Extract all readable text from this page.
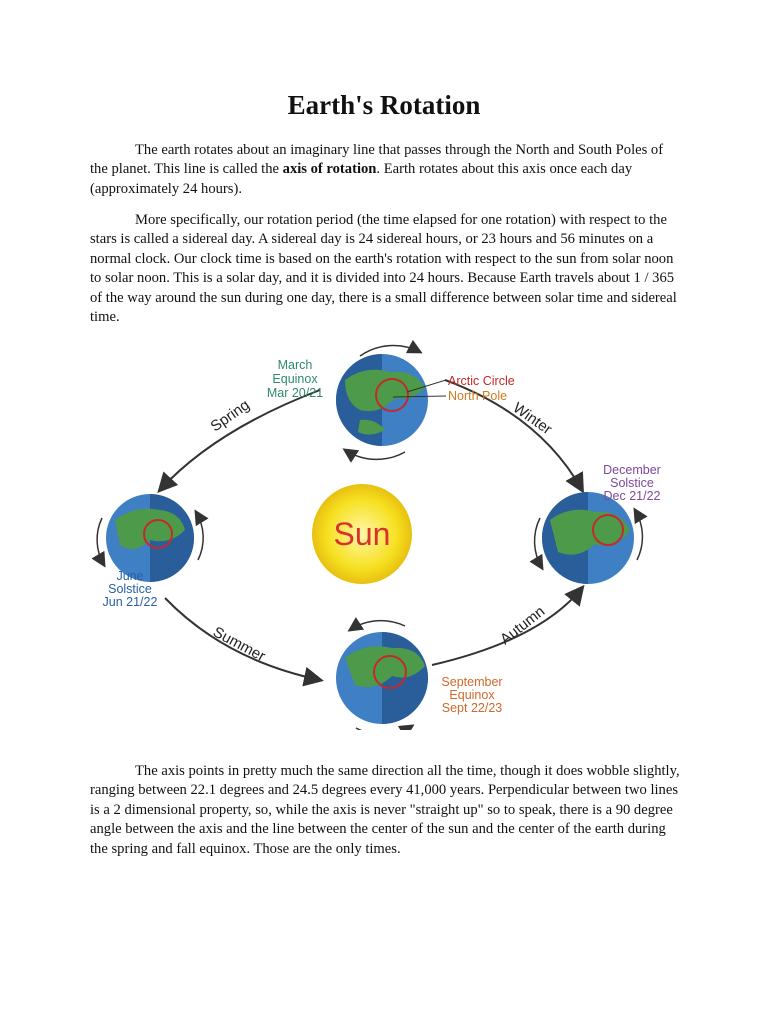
Earth's Rotation

The earth rotates about an imaginary line that passes through the North and South Poles of the planet. This line is called the axis of rotation. Earth rotates about this axis once each day (approximately 24 hours).

More specifically, our rotation period (the time elapsed for one rotation) with respect to the stars is called a sidereal day. A sidereal day is 24 sidereal hours, or 23 hours and 56 minutes on a normal clock. Our clock time is based on the earth's rotation with respect to the sun from solar noon to solar noon. This is a solar day, and it is divided into 24 hours. Because Earth travels about 1 / 365 of the way around the sun during one day, there is a small difference between solar time and sidereal time.

Spring
Summer	Autumn
Winter
Sun
March
Equinox
Mar 20/21
Arctic Circle
North Pole
June
Solstice
Jun 21/22
December
Solstice
Dec 21/22
September
Equinox
Sept 22/23

The axis points in pretty much the same direction all the time, though it does wobble slightly, ranging between 22.1 degrees and 24.5 degrees every 41,000 years. Perpendicular between two lines is a 2 dimensional property, so, while the axis is never "straight up" so to speak, there is a 90 degree angle between the axis and the line between the center of the sun and the center of the earth during the spring and fall equinox. Those are the only times.
